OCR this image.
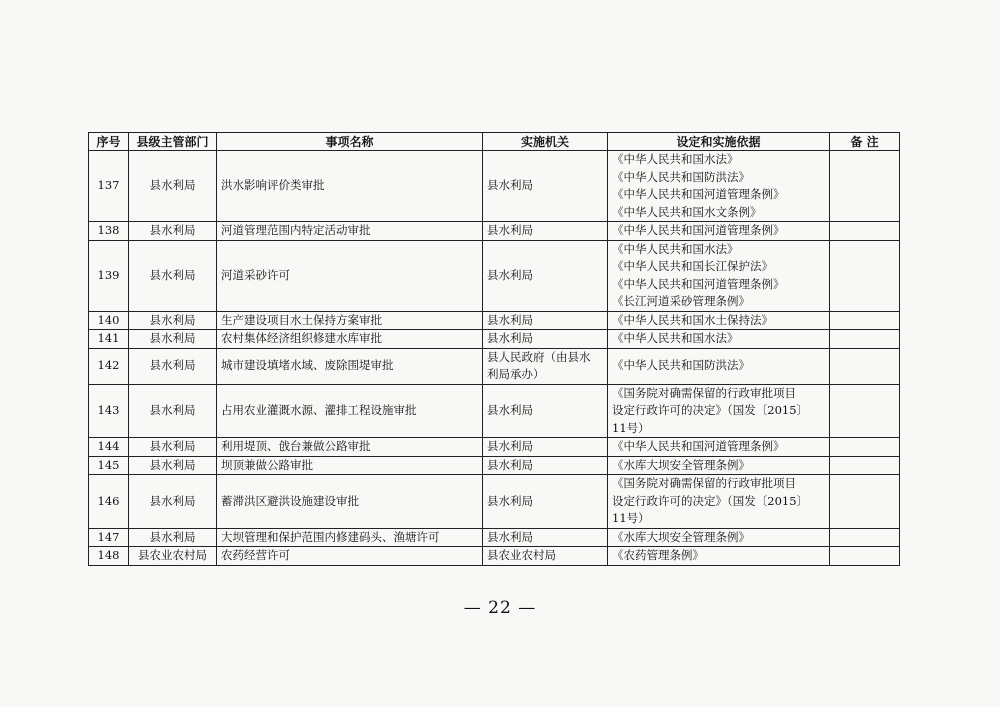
序号	县级主管部门	事项名称	实施机关	设定和实施依据	备 注
137	县水利局	洪水影响评价类审批	县水利局	《中华人民共和国水法》
《中华人民共和国防洪法》
《中华人民共和国河道管理条例》
《中华人民共和国水文条例》	

138	县水利局	河道管理范围内特定活动审批	县水利局	《中华人民共和国河道管理条例》	

139	县水利局	河道采砂许可	县水利局	《中华人民共和国水法》
《中华人民共和国长江保护法》
《中华人民共和国河道管理条例》
《长江河道采砂管理条例》	

140	县水利局	生产建设项目水土保持方案审批	县水利局	《中华人民共和国水土保持法》	

141	县水利局	农村集体经济组织修建水库审批	县水利局	《中华人民共和国水法》	

142	县水利局	城市建设填堵水域、废除围堤审批	县人民政府（由县水
利局承办）	《中华人民共和国防洪法》	

143	县水利局	占用农业灌溉水源、灌排工程设施审批	县水利局	《国务院对确需保留的行政审批项目
设定行政许可的决定》（国发〔2015〕
11号）	

144	县水利局	利用堤顶、戗台兼做公路审批	县水利局	《中华人民共和国河道管理条例》	

145	县水利局	坝顶兼做公路审批	县水利局	《水库大坝安全管理条例》	

146	县水利局	蓄滞洪区避洪设施建设审批	县水利局	《国务院对确需保留的行政审批项目
设定行政许可的决定》（国发〔2015〕
11号）	

147	县水利局	大坝管理和保护范围内修建码头、渔塘许可	县水利局	《水库大坝安全管理条例》	

148	县农业农村局	农药经营许可	县农业农村局	《农药管理条例》	

— 22 —
